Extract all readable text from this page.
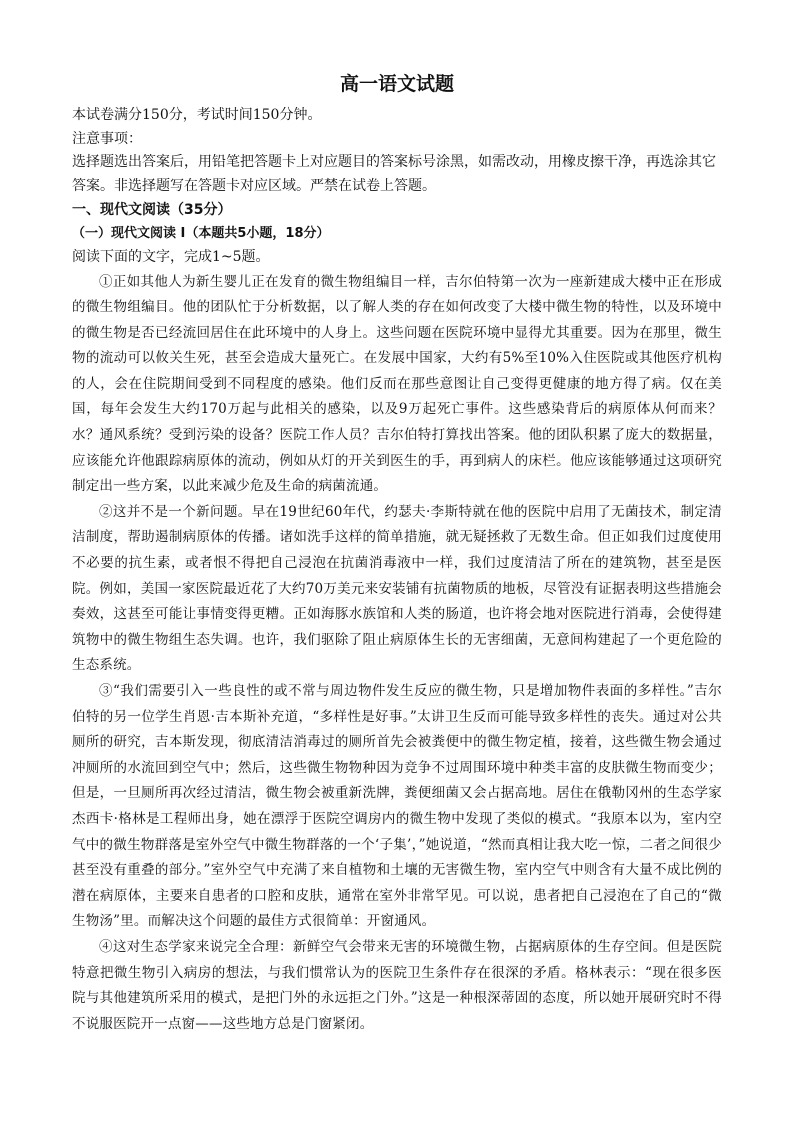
高一语文试题
本试卷满分150分，考试时间150分钟。
注意事项：
选择题选出答案后，用铅笔把答题卡上对应题目的答案标号涂黑，如需改动，用橡皮擦干净，再选涂其它
答案。非选择题写在答题卡对应区域。严禁在试卷上答题。
一、现代文阅读（35分）
（一）现代文阅读 I（本题共5小题，18分）
阅读下面的文字，完成1~5题。

①正如其他人为新生婴儿正在发育的微生物组编目一样，吉尔伯特第一次为一座新建成大楼中正在形成的微生物组编目。他的团队忙于分析数据，以了解人类的存在如何改变了大楼中微生物的特性，以及环境中的微生物是否已经流回居住在此环境中的人身上。这些问题在医院环境中显得尤其重要。因为在那里，微生物的流动可以攸关生死，甚至会造成大量死亡。在发展中国家，大约有5%至10%入住医院或其他医疗机构的人，会在住院期间受到不同程度的感染。他们反而在那些意图让自己变得更健康的地方得了病。仅在美国，每年会发生大约170万起与此相关的感染，以及9万起死亡事件。这些感染背后的病原体从何而来？水？通风系统？受到污染的设备？医院工作人员？吉尔伯特打算找出答案。他的团队积累了庞大的数据量，应该能允许他跟踪病原体的流动，例如从灯的开关到医生的手，再到病人的床栏。他应该能够通过这项研究制定出一些方案，以此来减少危及生命的病菌流通。

②这并不是一个新问题。早在19世纪60年代，约瑟夫·李斯特就在他的医院中启用了无菌技术，制定清洁制度，帮助遏制病原体的传播。诸如洗手这样的简单措施，就无疑拯救了无数生命。但正如我们过度使用不必要的抗生素，或者恨不得把自己浸泡在抗菌消毒液中一样，我们过度清洁了所在的建筑物，甚至是医院。例如，美国一家医院最近花了大约70万美元来安装铺有抗菌物质的地板，尽管没有证据表明这些措施会奏效，这甚至可能让事情变得更糟。正如海豚水族馆和人类的肠道，也许将会地对医院进行消毒，会使得建筑物中的微生物组生态失调。也许，我们驱除了阻止病原体生长的无害细菌，无意间构建起了一个更危险的生态系统。

③“我们需要引入一些良性的或不常与周边物件发生反应的微生物，只是增加物件表面的多样性。”吉尔伯特的另一位学生肖恩·吉本斯补充道，“多样性是好事。”太讲卫生反而可能导致多样性的丧失。通过对公共厕所的研究，吉本斯发现，彻底清洁消毒过的厕所首先会被粪便中的微生物定植，接着，这些微生物会通过冲厕所的水流回到空气中；然后，这些微生物物种因为竞争不过周围环境中种类丰富的皮肤微生物而变少；但是，一旦厕所再次经过清洁，微生物会被重新洗牌，粪便细菌又会占据高地。居住在俄勒冈州的生态学家杰西卡·格林是工程师出身，她在漂浮于医院空调房内的微生物中发现了类似的模式。“我原本以为，室内空气中的微生物群落是室外空气中微生物群落的一个‘子集’，”她说道，“然而真相让我大吃一惊，二者之间很少甚至没有重叠的部分。”室外空气中充满了来自植物和土壤的无害微生物，室内空气中则含有大量不成比例的潜在病原体，主要来自患者的口腔和皮肤，通常在室外非常罕见。可以说，患者把自己浸泡在了自己的“微生物汤”里。而解决这个问题的最佳方式很简单：开窗通风。

④这对生态学家来说完全合理：新鲜空气会带来无害的环境微生物，占据病原体的生存空间。但是医院特意把微生物引入病房的想法，与我们惯常认为的医院卫生条件存在很深的矛盾。格林表示：“现在很多医院与其他建筑所采用的模式，是把门外的永远拒之门外。”这是一种根深蒂固的态度，所以她开展研究时不得不说服医院开一点窗——这些地方总是门窗紧闭。
